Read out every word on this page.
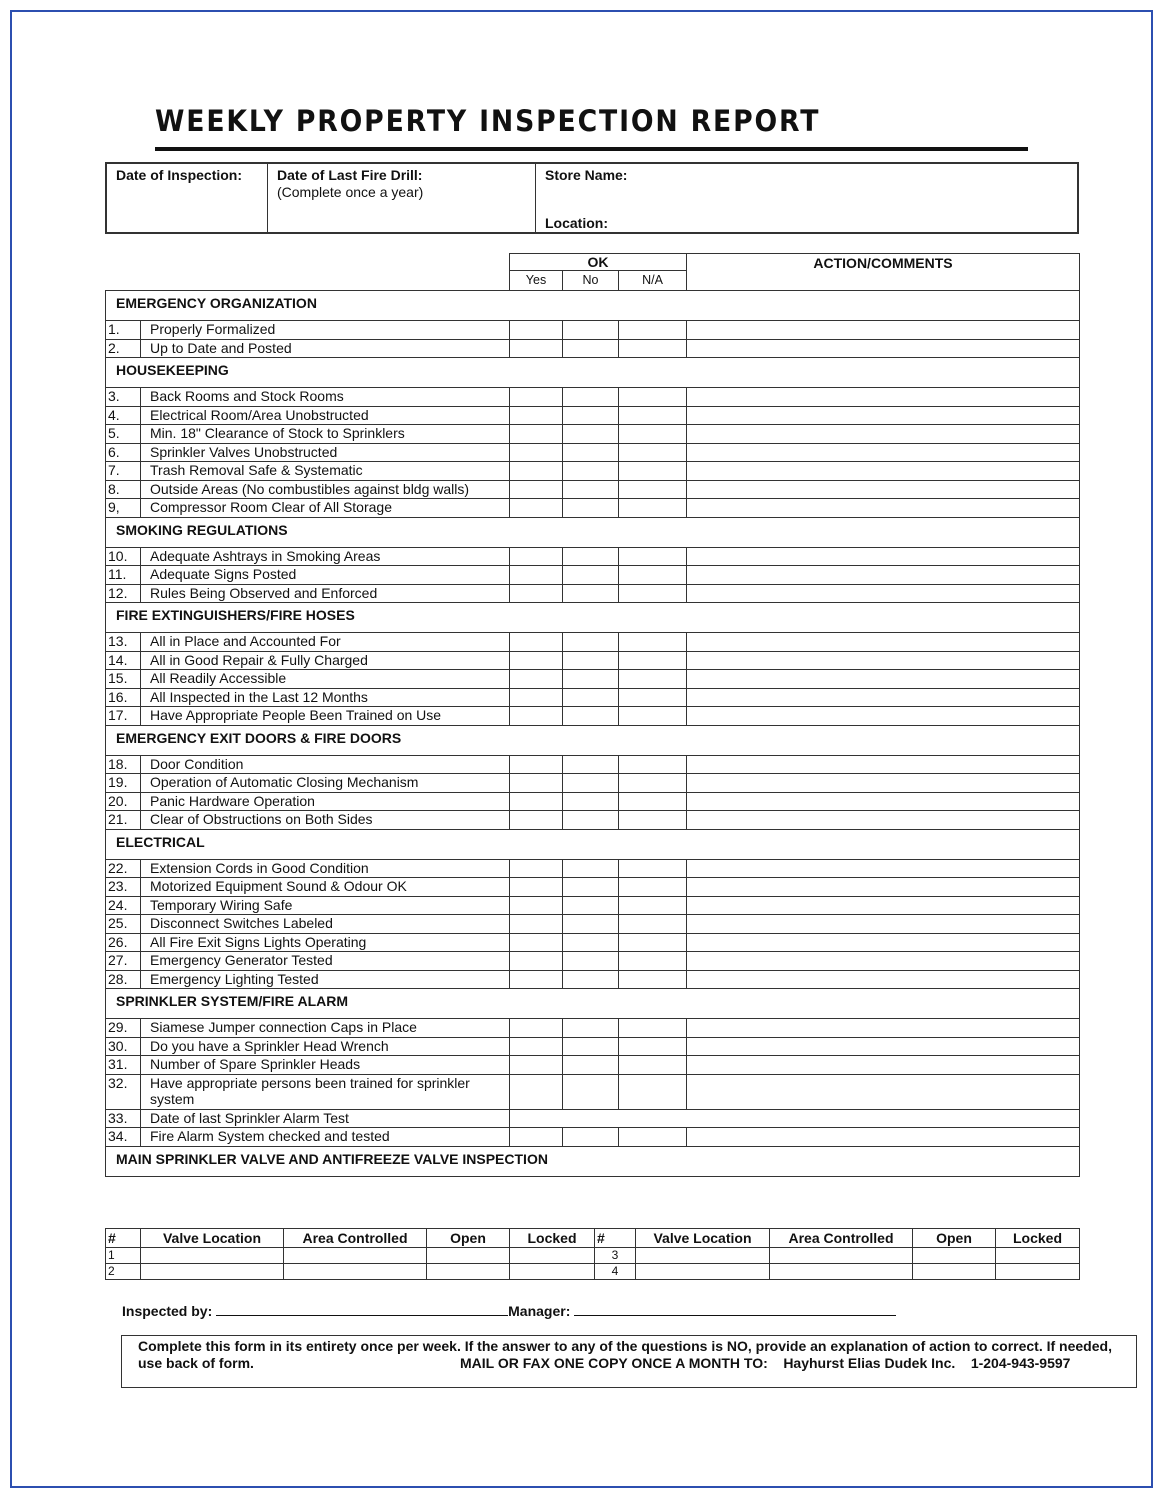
WEEKLY PROPERTY INSPECTION REPORT
Date of Inspection:	Date of Last Fire Drill:
(Complete once a year)
Store Name:
Location:
		OK			ACTION/COMMENTS
		Yes	No	N/A	
EMERGENCY ORGANIZATION					
1.	Properly Formalized				
2.	Up to Date and Posted				
HOUSEKEEPING					
3.	Back Rooms and Stock Rooms				
4.	Electrical Room/Area Unobstructed				
5.	Min. 18" Clearance of Stock to Sprinklers				
6.	Sprinkler Valves Unobstructed				
7.	Trash Removal Safe & Systematic				
8.	Outside Areas (No combustibles against bldg walls)				
9,	Compressor Room Clear of All Storage				
SMOKING REGULATIONS					
10.	Adequate Ashtrays in Smoking Areas				
11.	Adequate Signs Posted				
12.	Rules Being Observed and Enforced				
FIRE EXTINGUISHERS/FIRE HOSES					
13.	All in Place and Accounted For				
14.	All in Good Repair & Fully Charged				
15.	All Readily Accessible				
16.	All Inspected in the Last 12 Months				
17.	Have Appropriate People Been Trained on Use				
EMERGENCY EXIT DOORS & FIRE DOORS					
18.	Door Condition				
19.	Operation of Automatic Closing Mechanism				
20.	Panic Hardware Operation				
21.	Clear of Obstructions on Both Sides				
ELECTRICAL					
22.	Extension Cords in Good Condition				
23.	Motorized Equipment Sound & Odour OK				
24.	Temporary Wiring Safe				
25.	Disconnect Switches Labeled				
26.	All Fire Exit Signs Lights Operating				
27.	Emergency Generator Tested				
28.	Emergency Lighting Tested				
SPRINKLER SYSTEM/FIRE ALARM					
29.	Siamese Jumper connection Caps in Place				
30.	Do you have a Sprinkler Head Wrench				
31.	Number of Spare Sprinkler Heads				
32.	Have appropriate persons been trained for sprinkler system				
33.	Date of last Sprinkler Alarm Test				
34.	Fire Alarm System checked and tested				
MAIN SPRINKLER VALVE AND ANTIFREEZE VALVE INSPECTION					
#	Valve Location	Area Controlled	Open	Locked	#	Valve Location	Area Controlled	Open	Locked
1					3				
2					4				
Inspected by:	Manager:
Complete this form in its entirety once per week. If the answer to any of the questions is NO, provide an explanation of action to correct. If needed, use back of form.	MAIL OR FAX ONE COPY ONCE A MONTH TO:    Hayhurst Elias Dudek Inc.    1-204-943-9597
